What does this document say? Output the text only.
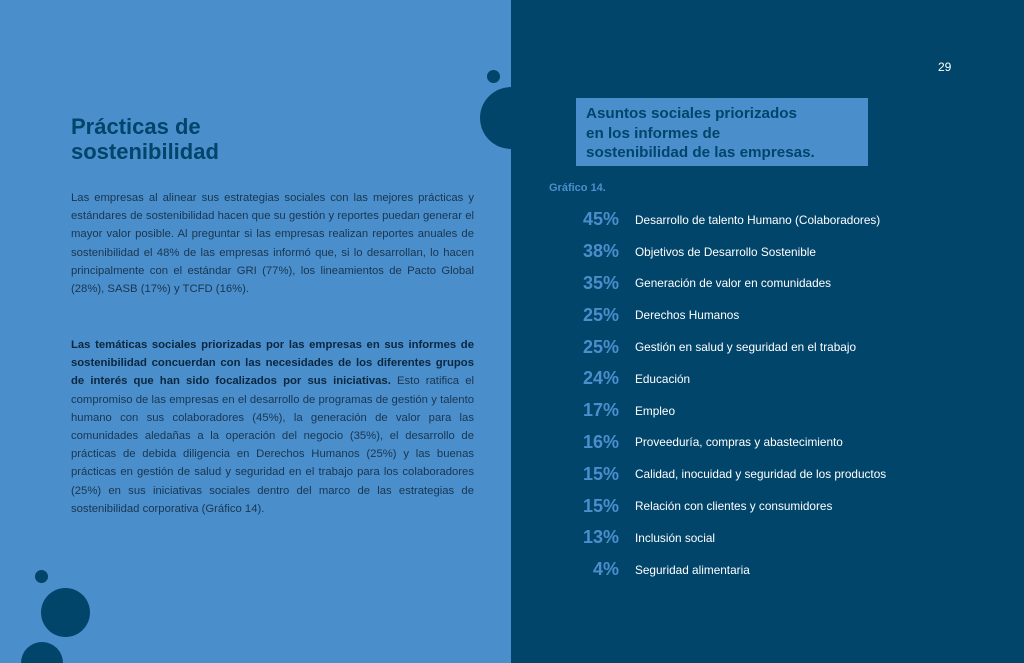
Prácticas de
sostenibilidad

Las empresas al alinear sus estrategias sociales con las mejores prácticas y estándares de sostenibilidad hacen que su gestión y reportes puedan generar el mayor valor posible. Al preguntar si las empresas realizan reportes anuales de sostenibilidad el 48% de las empresas informó que, si lo desarrollan, lo hacen principalmente con el estándar GRI (77%), los lineamientos de Pacto Global (28%), SASB (17%) y TCFD (16%).

Las temáticas sociales priorizadas por las empresas en sus informes de sostenibilidad concuerdan con las necesidades de los diferentes grupos de interés que han sido focalizados por sus iniciativas. Esto ratifica el compromiso de las empresas en el desarrollo de programas de gestión y talento humano con sus colaboradores (45%), la generación de valor para las comunidades aledañas a la operación del negocio (35%), el desarrollo de prácticas de debida diligencia en Derechos Humanos (25%) y las buenas prácticas en gestión de salud y seguridad en el trabajo para los colaboradores (25%) en sus iniciativas sociales dentro del marco de las estrategias de sostenibilidad corporativa (Gráfico 14).

29
Asuntos sociales priorizados
en los informes de
sostenibilidad de las empresas.
Gráfico 14.
45% Desarrollo de talento Humano (Colaboradores)
38% Objetivos de Desarrollo Sostenible
35% Generación de valor en comunidades
25% Derechos Humanos
25% Gestión en salud y seguridad en el trabajo
24% Educación
17% Empleo
16% Proveeduría, compras y abastecimiento
15% Calidad, inocuidad y seguridad de los productos
15% Relación con clientes y consumidores
13% Inclusión social
4% Seguridad alimentaria
